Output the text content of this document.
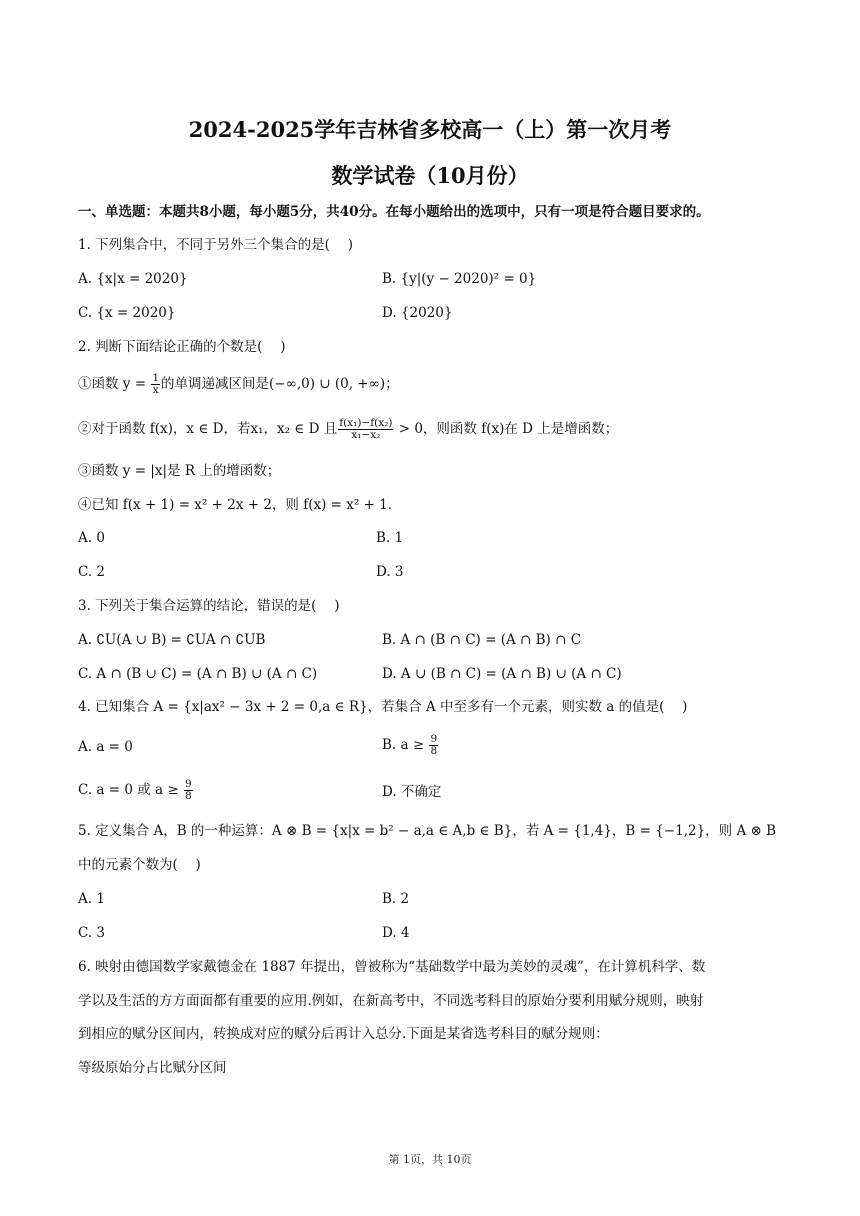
2024-2025学年吉林省多校高一（上）第一次月考
数学试卷（10月份）
一、单选题：本题共8小题，每小题5分，共40分。在每小题给出的选项中，只有一项是符合题目要求的。
1. 下列集合中，不同于另外三个集合的是(　 )
A. {x|x = 2020}	B. {y|(y − 2020)² = 0}
C. {x = 2020}	D. {2020}
2. 判断下面结论正确的个数是(　 )
①函数 $y = \frac{1}{x}$ 的单调递减区间是(−∞,0) ∪ (0, +∞)；
②对于函数 f(x)，x ∈ D，若x₁，x₂ ∈ D 且 $\frac{\text{f(x₁)−f(x₂)}}{\text{x₁−x₂}} > 0$，则函数 f(x)在 D 上是增函数；
③函数 y = |x|是 R 上的增函数；
④已知 f(x + 1) = x² + 2x + 2，则 f(x) = x² + 1．
A. 0	B. 1
C. 2	D. 3
3. 下列关于集合运算的结论，错误的是(　 )
A. ∁U(A ∪ B) = ∁UA ∩ ∁UB	B. A ∩ (B ∩ C) = (A ∩ B) ∩ C
C. A ∩ (B ∪ C) = (A ∩ B) ∪ (A ∩ C)	D. A ∪ (B ∩ C) = (A ∩ B) ∪ (A ∩ C)
4. 已知集合 A = {x|ax² − 3x + 2 = 0,a ∈ R}，若集合 A 中至多有一个元素，则实数 a 的值是(　 )
A. a = 0	B. $a \ge \frac{9}{8}$
C. a = 0 或 $a \ge \frac{9}{8}$	D. 不确定
5. 定义集合 A，B 的一种运算：A ⊗ B = {x|x = b² − a,a ∈ A,b ∈ B}，若 A = {1,4}，B = {−1,2}，则 A ⊗ B
中的元素个数为(　 )
A. 1	B. 2
C. 3	D. 4
6. 映射由德国数学家戴德金在 1887 年提出，曾被称为“基础数学中最为美妙的灵魂”，在计算机科学、数
学以及生活的方方面面都有重要的应用.例如，在新高考中，不同选考科目的原始分要利用赋分规则，映射
到相应的赋分区间内，转换成对应的赋分后再计入总分.下面是某省选考科目的赋分规则：
等级原始分占比赋分区间
第 1页，共 10页
